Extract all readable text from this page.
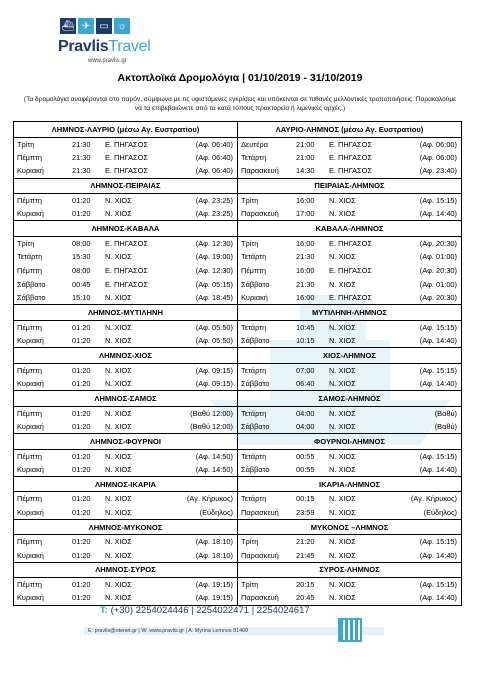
⛴ ✈ ▭ ☼
PravlisTravel
www.pravlis.gr
Ακτοπλοϊκά Δρομολόγια | 01/10/2019 - 31/10/2019
(Τα δρομολόγια αναφέρονται στο παρόν, σύμφωνα με τις υφιστάμενες εγκρίσεις και υπόκεινται σε πιθανές μελλοντικές τροποποιήσεις. Παρακαλούμε να τα επιβεβαιώνετε από τα κατά τόπους πρακτορεία ή λιμενικές αρχές.)
ΛΗΜΝΟΣ-ΛΑΥΡΙΟ (μέσω Αγ. Ευστρατίου)	ΛΑΥΡΙΟ-ΛΗΜΝΟΣ (μέσω Αγ. Ευστρατίου)

Τρίτη 21:30 Ε. ΠΗΓΑΣΟΣ (Αφ. 06:40)	Δευτέρα 21:00 Ε. ΠΗΓΑΣΟΣ (Αφ. 06:00)

Πέμπτη 21:30 Ε. ΠΗΓΑΣΟΣ (Αφ. 06:40)	Τετάρτη 21:00 Ε. ΠΗΓΑΣΟΣ (Αφ. 06:00)

Κυριακή 21:30 Ε. ΠΗΓΑΣΟΣ (Αφ. 06:40)	Παρασκευή 14:30 Ε. ΠΗΓΑΣΟΣ (Αφ. 23:40)

ΛΗΜΝΟΣ-ΠΕΙΡΑΙΑΣ	ΠΕΙΡΑΙΑΣ-ΛΗΜΝΟΣ

Πέμπτη 01:20 Ν. ΧΙΟΣ (Αφ. 23:25)	Τρίτη 16:00 Ν. ΧΙΟΣ (Αφ. 15:15)

Κυριακή 01:20 Ν. ΧΙΟΣ (Αφ. 23:25)	Παρασκευή 17:00 Ν. ΧΙΟΣ (Αφ. 14:40)

ΛΗΜΝΟΣ-ΚΑΒΑΛΑ	ΚΑΒΑΛΑ-ΛΗΜΝΟΣ

Τρίτη 08:00 Ε. ΠΗΓΑΣΟΣ (Αφ. 12:30)	Τρίτη 16:00 Ε. ΠΗΓΑΣΟΣ (Αφ. 20:30)

Τετάρτη 15:30 Ν. ΧΙΟΣ (Αφ. 19:00)	Τετάρτη 21:30 Ν. ΧΙΟΣ (Αφ. 01:00)

Πέμπτη 08:00 Ε. ΠΗΓΑΣΟΣ (Αφ. 12:30)	Πέμπτη 16:00 Ε. ΠΗΓΑΣΟΣ (Αφ. 20:30)

Σάββατο 00:45 Ε. ΠΗΓΑΣΟΣ (Αφ. 05:15)	Σάββατο 21:30 Ν. ΧΙΟΣ (Αφ. 01:00)

Σάββατο 15:10 Ν. ΧΙΟΣ (Αφ. 18:45)	Κυριακή 16:00 Ε. ΠΗΓΑΣΟΣ (Αφ. 20:30)

ΛΗΜΝΟΣ-ΜΥΤΙΛΗΝΗ	ΜΥΤΙΛΗΝΗ-ΛΗΜΝΟΣ

Πέμπτη 01:20 Ν. ΧΙΟΣ (Αφ. 05:50)	Τετάρτη 10:45 Ν. ΧΙΟΣ (Αφ. 15:15)

Κυριακή 01:20 Ν. ΧΙΟΣ (Αφ. 05:50)	Σάββατο 10:15 Ν. ΧΙΟΣ (Αφ. 14:40)

ΛΗΜΝΟΣ-ΧΙΟΣ	ΧΙΟΣ-ΛΗΜΝΟΣ

Πέμπτη 01:20 Ν. ΧΙΟΣ (Αφ. 09:15)	Τετάρτη 07:00 Ν. ΧΙΟΣ (Αφ. 15:15)

Κυριακή 01:20 Ν. ΧΙΟΣ (Αφ. 09:15)	Σάββατο 06:40 Ν. ΧΙΟΣ (Αφ. 14:40)

ΛΗΜΝΟΣ-ΣΑΜΟΣ	ΣΑΜΟΣ-ΛΗΜΝΟΣ

Πέμπτη 01:20 Ν. ΧΙΟΣ (Βαθύ 12:00)	Τετάρτη 04:00 Ν. ΧΙΟΣ (Βαθύ)

Κυριακή 01:20 Ν. ΧΙΟΣ (Βαθύ 12:00)	Σάββατο 04:00 Ν. ΧΙΟΣ (Βαθύ)

ΛΗΜΝΟΣ-ΦΟΥΡΝΟΙ	ΦΟΥΡΝΟΙ-ΛΗΜΝΟΣ

Πέμπτη 01:20 Ν. ΧΙΟΣ (Αφ. 14:50)	Τετάρτη 00:55 Ν. ΧΙΟΣ (Αφ. 15:15)

Κυριακή 01:20 Ν. ΧΙΟΣ (Αφ. 14:50)	Σάββατο 00:55 Ν. ΧΙΟΣ (Αφ. 14:40)

ΛΗΜΝΟΣ-ΙΚΑΡΙΑ	ΙΚΑΡΙΑ-ΛΗΜΝΟΣ

Πέμπτη 01:20 Ν. ΧΙΟΣ (Αγ. Κήρυκος)	Τετάρτη 00:15 Ν. ΧΙΟΣ (Αγ. Κήρυκος)

Κυριακή 01:20 Ν. ΧΙΟΣ (Εύδηλος)	Παρασκευή 23:59 Ν. ΧΙΟΣ (Εύδηλος)

ΛΗΜΝΟΣ-ΜΥΚΟΝΟΣ	ΜΥΚΟΝΟΣ –ΛΗΜΝΟΣ

Πέμπτη 01:20 Ν. ΧΙΟΣ (Αφ. 18:10)	Τρίτη 21:20 Ν. ΧΙΟΣ (Αφ. 15:15)

Κυριακή 01:20 Ν. ΧΙΟΣ (Αφ. 18:10)	Παρασκευή 21:45 Ν. ΧΙΟΣ (Αφ. 14:40)

ΛΗΜΝΟΣ-ΣΥΡΟΣ	ΣΥΡΟΣ-ΛΗΜΝΟΣ

Πέμπτη 01:20 Ν. ΧΙΟΣ (Αφ. 19:15)	Τρίτη 20:15 Ν. ΧΙΟΣ (Αφ. 15:15)

Κυριακή 01:20 Ν. ΧΙΟΣ (Αφ. 19:15)	Παρασκευή 20:45 Ν. ΧΙΟΣ (Αφ. 14:40)
T: (+30) 2254024446 | 2254022471 | 2254024617
E: pravlis@otenet.gr | W: www.pravlis.gr | A: Myrina Lemnos 81400
